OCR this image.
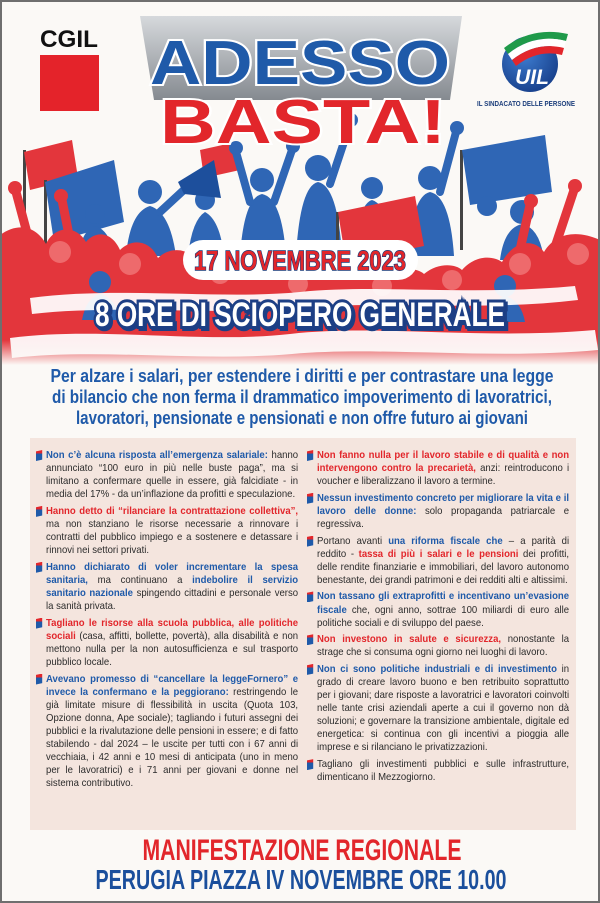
CGIL
UIL
IL SINDACATO DELLE PERSONE
ADESSO
BASTA!
17 NOVEMBRE 2023
8 ORE DI SCIOPERO GENERALE
Per alzare i salari, per estendere i diritti e per contrastare una legge
di bilancio che non ferma il drammatico impoverimento di lavoratrici,
lavoratori, pensionate e pensionati e non offre futuro ai giovani
Non c’è alcuna risposta all’emergenza salariale: hanno annunciato “100 euro in più nelle buste paga”, ma si limitano a confermare quelle in essere, già falcidiate - in media del 17% - da un’inflazione da profitti e speculazione.
Hanno detto di “rilanciare la contrattazione collettiva”, ma non stanziano le risorse necessarie a rinnovare i contratti del pubblico impiego e a sostenere e detassare i rinnovi nei settori privati.
Hanno dichiarato di voler incrementare la spesa sanitaria, ma continuano a indebolire il servizio sanitario nazionale spingendo cittadini e personale verso la sanità privata.
Tagliano le risorse alla scuola pubblica, alle politiche sociali (casa, affitti, bollette, povertà), alla disabilità e non mettono nulla per la non autosufficienza e sul trasporto pubblico locale.
Avevano promesso di “cancellare la leggeFornero” e invece la confermano e la peggiorano: restringendo le già limitate misure di flessibilità in uscita (Quota 103, Opzione donna, Ape sociale); tagliando i futuri assegni dei pubblici e la rivalutazione delle pensioni in essere; e di fatto stabilendo - dal 2024 – le uscite per tutti con i 67 anni di vecchiaia, i 42 anni e 10 mesi di anticipata (uno in meno per le lavoratrici) e i 71 anni per giovani e donne nel sistema contributivo.
Non fanno nulla per il lavoro stabile e di qualità e non intervengono contro la precarietà, anzi: reintroducono i voucher e liberalizzano il lavoro a termine.
Nessun investimento concreto per migliorare la vita e il lavoro delle donne: solo propaganda patriarcale e regressiva.
Portano avanti una riforma fiscale che – a parità di reddito - tassa di più i salari e le pensioni dei profitti, delle rendite finanziarie e immobiliari, del lavoro autonomo benestante, dei grandi patrimoni e dei redditi alti e altissimi.
Non tassano gli extraprofitti e incentivano un’evasione fiscale che, ogni anno, sottrae 100 miliardi di euro alle politiche sociali e di sviluppo del paese.
Non investono in salute e sicurezza, nonostante la strage che si consuma ogni giorno nei luoghi di lavoro.
Non ci sono politiche industriali e di investimento in grado di creare lavoro buono e ben retribuito soprattutto per i giovani; dare risposte a lavoratrici e lavoratori coinvolti nelle tante crisi aziendali aperte a cui il governo non dà soluzioni; e governare la transizione ambientale, digitale ed energetica: si continua con gli incentivi a pioggia alle imprese e si rilanciano le privatizzazioni.
Tagliano gli investimenti pubblici e sulle infrastrutture, dimenticano il Mezzogiorno.
MANIFESTAZIONE REGIONALE
PERUGIA PIAZZA IV NOVEMBRE ORE 10.00
